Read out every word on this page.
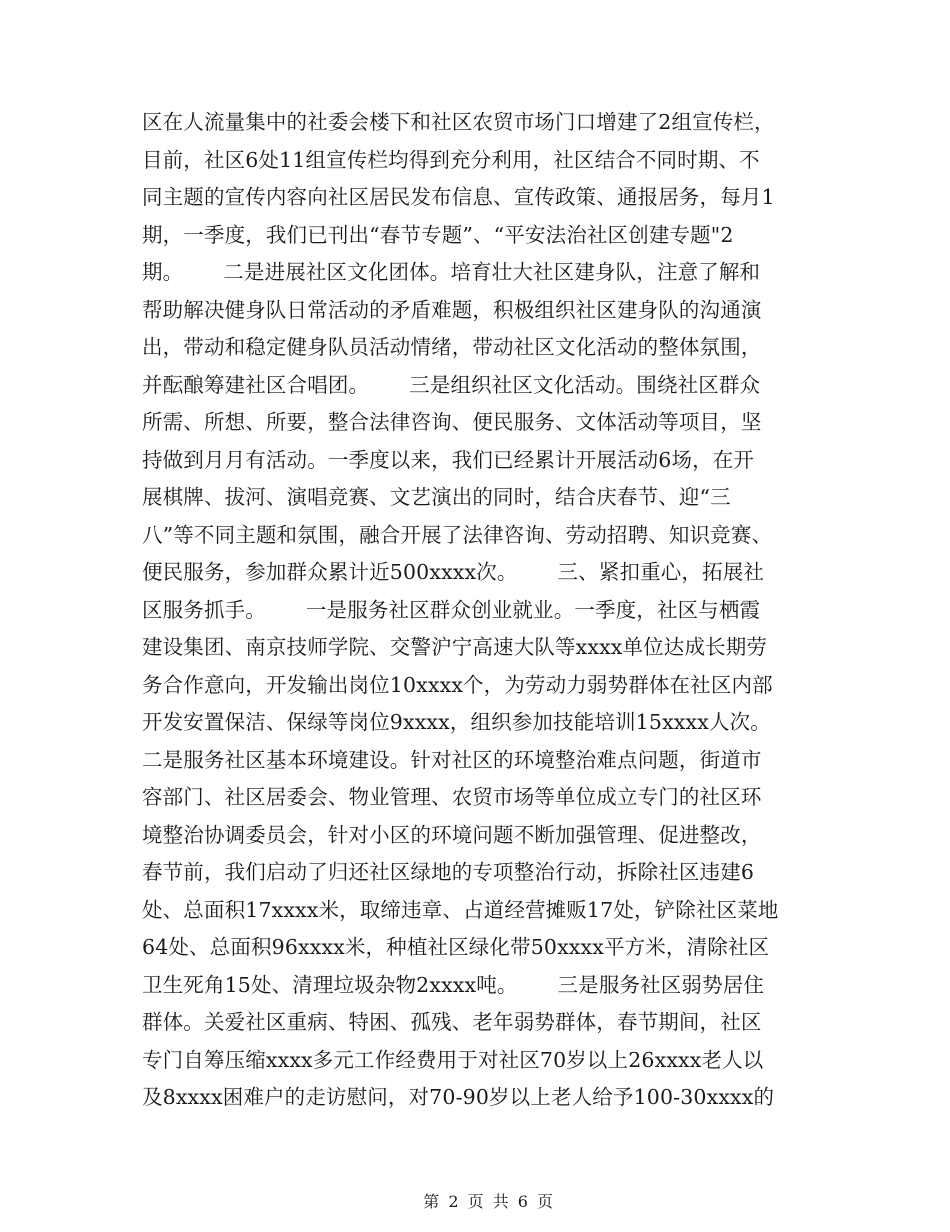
区在人流量集中的社委会楼下和社区农贸市场门口增建了2组宣传栏，
目前，社区6处11组宣传栏均得到充分利用，社区结合不同时期、不
同主题的宣传内容向社区居民发布信息、宣传政策、通报居务，每月1
期，一季度，我们已刊出“春节专题”、“平安法治社区创建专题"2
期。      二是进展社区文化团体。培育壮大社区建身队，注意了解和
帮助解决健身队日常活动的矛盾难题，积极组织社区建身队的沟通演
出，带动和稳定健身队员活动情绪，带动社区文化活动的整体氛围，
并酝酿筹建社区合唱团。      三是组织社区文化活动。围绕社区群众
所需、所想、所要，整合法律咨询、便民服务、文体活动等项目，坚
持做到月月有活动。一季度以来，我们已经累计开展活动6场，在开
展棋牌、拔河、演唱竞赛、文艺演出的同时，结合庆春节、迎“三
八”等不同主题和氛围，融合开展了法律咨询、劳动招聘、知识竞赛、
便民服务，参加群众累计近500xxxx次。      三、紧扣重心，拓展社
区服务抓手。      一是服务社区群众创业就业。一季度，社区与栖霞
建设集团、南京技师学院、交警沪宁高速大队等xxxx单位达成长期劳
务合作意向，开发输出岗位10xxxx个，为劳动力弱势群体在社区内部
开发安置保洁、保绿等岗位9xxxx，组织参加技能培训15xxxx人次。
二是服务社区基本环境建设。针对社区的环境整治难点问题，街道市
容部门、社区居委会、物业管理、农贸市场等单位成立专门的社区环
境整治协调委员会，针对小区的环境问题不断加强管理、促进整改，
春节前，我们启动了归还社区绿地的专项整治行动，拆除社区违建6
处、总面积17xxxx米，取缔违章、占道经营摊贩17处，铲除社区菜地
64处、总面积96xxxx米，种植社区绿化带50xxxx平方米，清除社区
卫生死角15处、清理垃圾杂物2xxxx吨。      三是服务社区弱势居住
群体。关爱社区重病、特困、孤残、老年弱势群体，春节期间，社区
专门自筹压缩xxxx多元工作经费用于对社区70岁以上26xxxx老人以
及8xxxx困难户的走访慰问，对70-90岁以上老人给予100-30xxxx的

第 2 页 共 6 页
